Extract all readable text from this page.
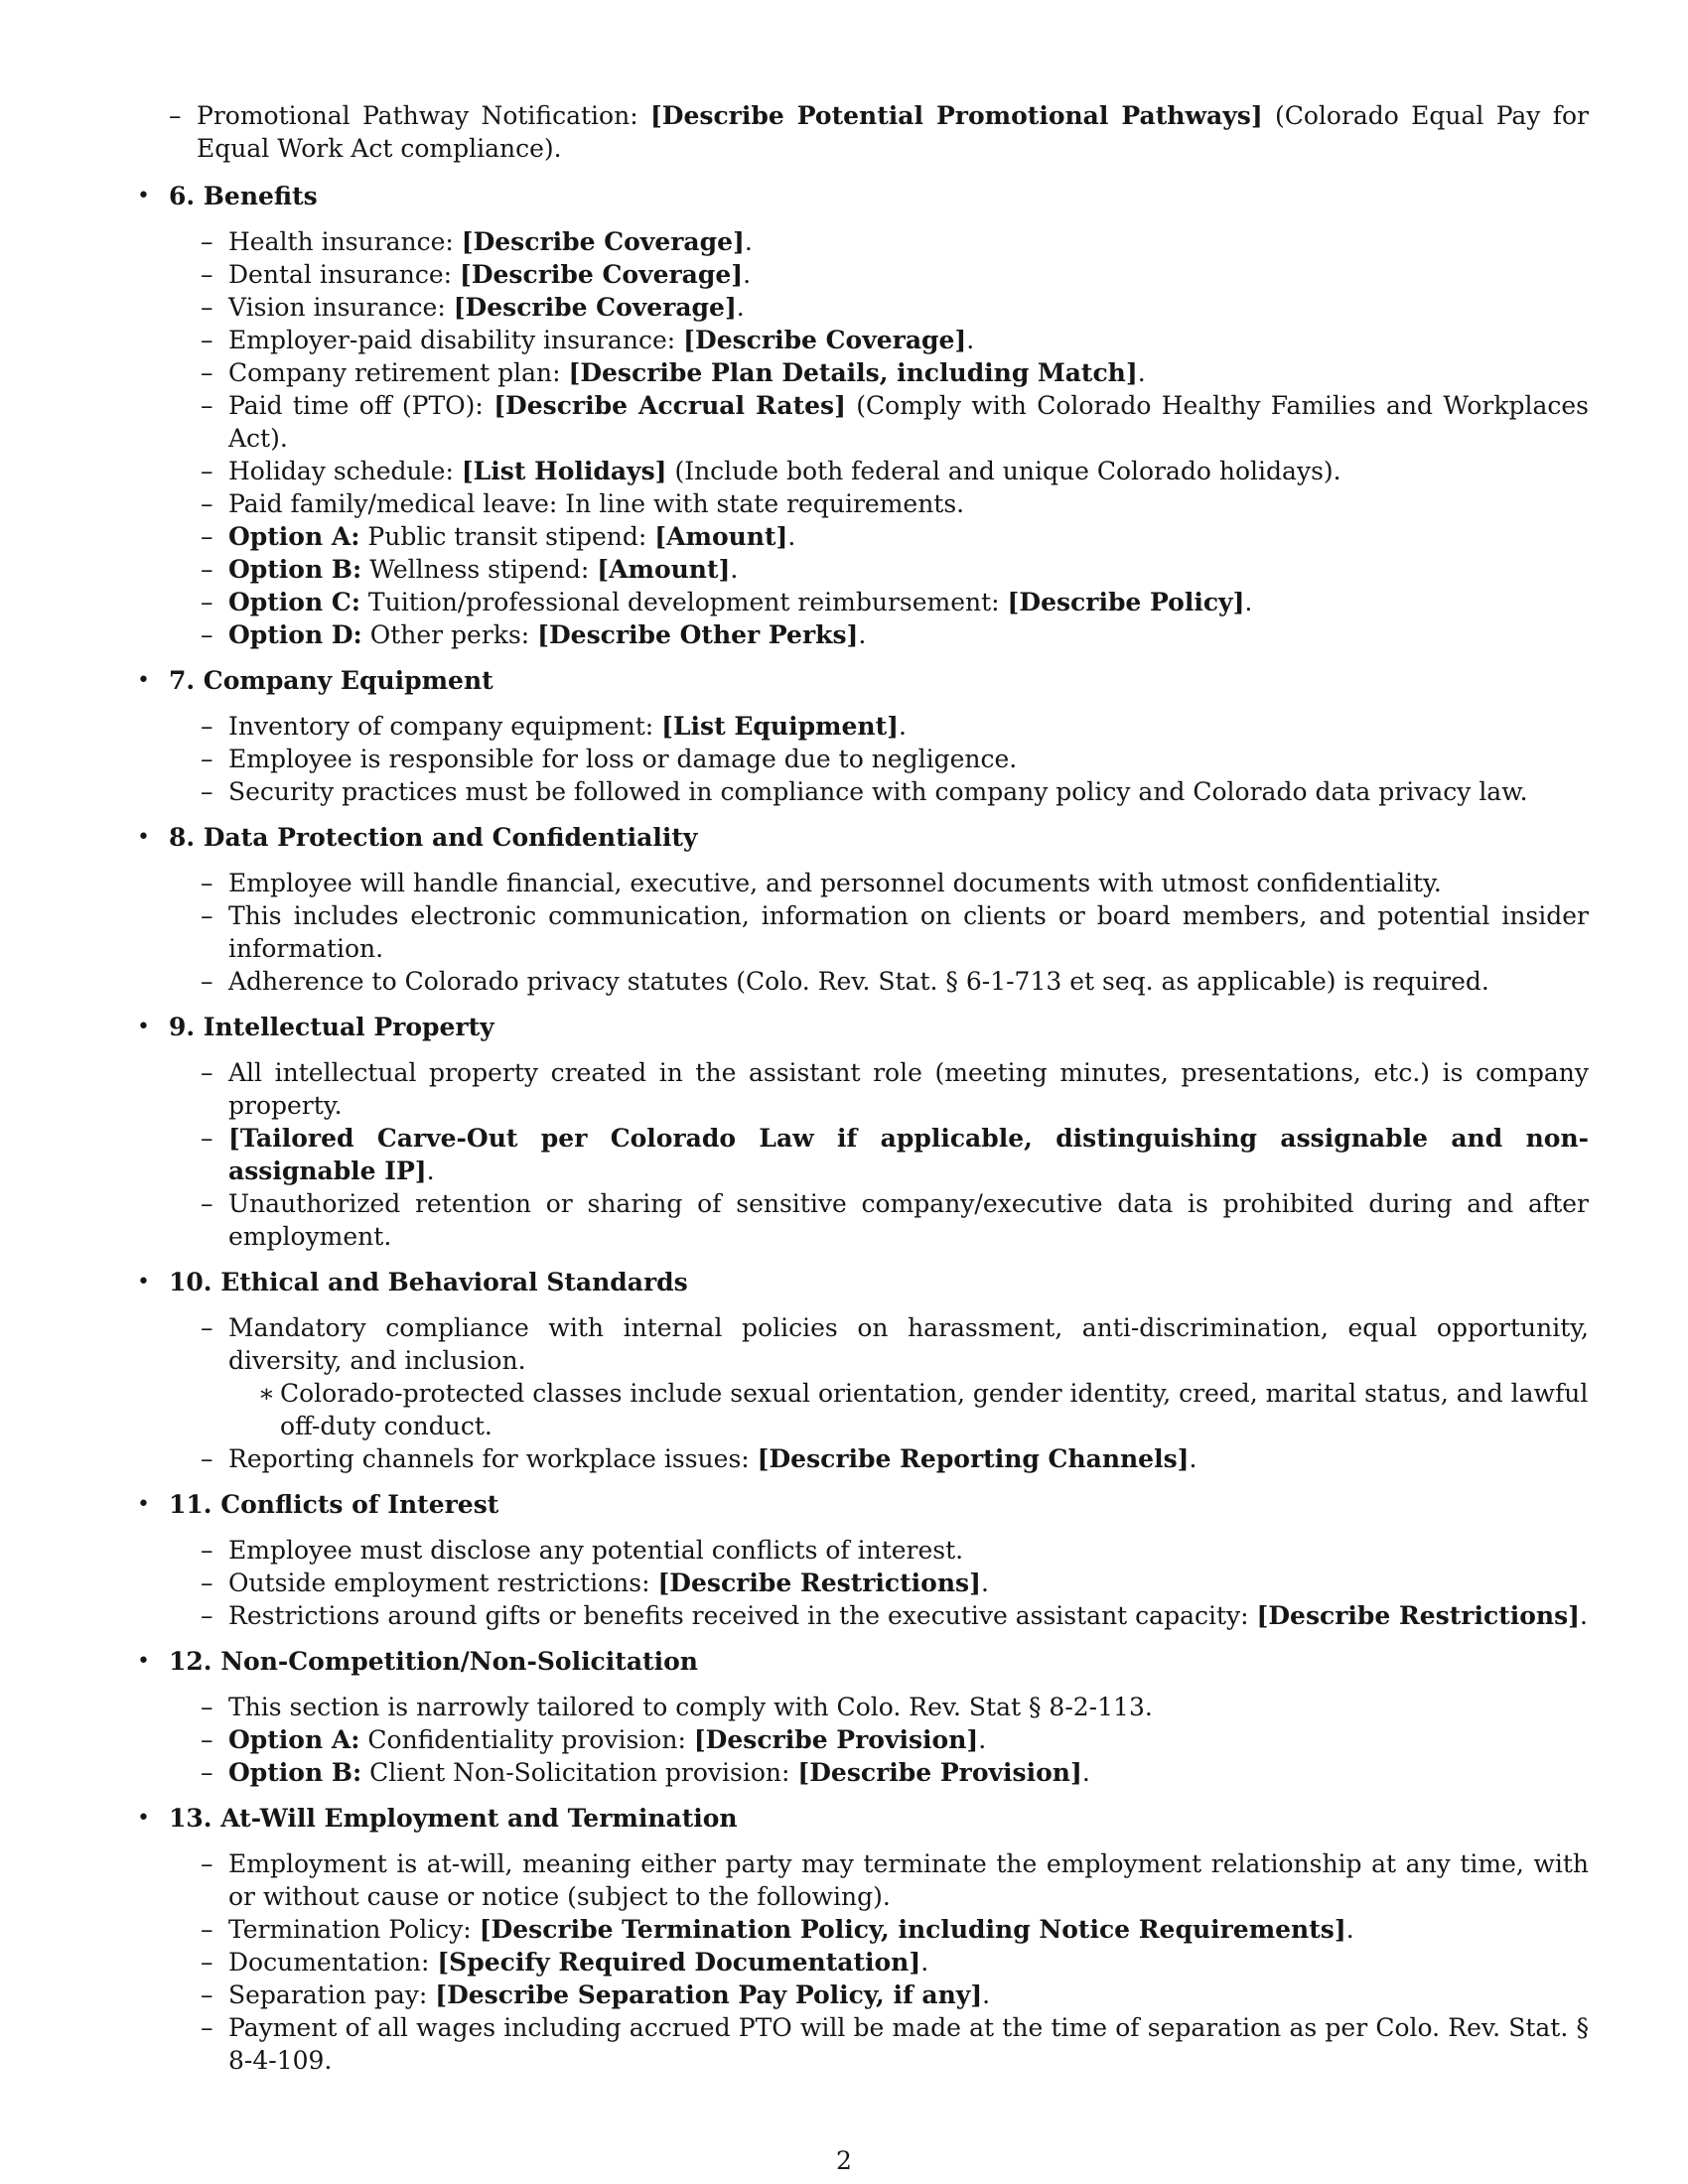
– Promotional Pathway Notification: [Describe Potential Promotional Pathways] (Colorado Equal Pay for Equal Work Act compliance).
• 6. Benefits
– Health insurance: [Describe Coverage].
– Dental insurance: [Describe Coverage].
– Vision insurance: [Describe Coverage].
– Employer-paid disability insurance: [Describe Coverage].
– Company retirement plan: [Describe Plan Details, including Match].
– Paid time off (PTO): [Describe Accrual Rates] (Comply with Colorado Healthy Families and Workplaces Act).
– Holiday schedule: [List Holidays] (Include both federal and unique Colorado holidays).
– Paid family/medical leave: In line with state requirements.
– Option A: Public transit stipend: [Amount].
– Option B: Wellness stipend: [Amount].
– Option C: Tuition/professional development reimbursement: [Describe Policy].
– Option D: Other perks: [Describe Other Perks].
• 7. Company Equipment
– Inventory of company equipment: [List Equipment].
– Employee is responsible for loss or damage due to negligence.
– Security practices must be followed in compliance with company policy and Colorado data privacy law.
• 8. Data Protection and Confidentiality
– Employee will handle financial, executive, and personnel documents with utmost confidentiality.
– This includes electronic communication, information on clients or board members, and potential insider information.
– Adherence to Colorado privacy statutes (Colo. Rev. Stat. § 6-1-713 et seq. as applicable) is required.
• 9. Intellectual Property
– All intellectual property created in the assistant role (meeting minutes, presentations, etc.) is company property.
– [Tailored Carve-Out per Colorado Law if applicable, distinguishing assignable and non-assignable IP].
– Unauthorized retention or sharing of sensitive company/executive data is prohibited during and after employment.
• 10. Ethical and Behavioral Standards
– Mandatory compliance with internal policies on harassment, anti-discrimination, equal opportunity, diversity, and inclusion.
∗ Colorado-protected classes include sexual orientation, gender identity, creed, marital status, and lawful off-duty conduct.
– Reporting channels for workplace issues: [Describe Reporting Channels].
• 11. Conflicts of Interest
– Employee must disclose any potential conflicts of interest.
– Outside employment restrictions: [Describe Restrictions].
– Restrictions around gifts or benefits received in the executive assistant capacity: [Describe Restrictions].
• 12. Non-Competition/Non-Solicitation
– This section is narrowly tailored to comply with Colo. Rev. Stat § 8-2-113.
– Option A: Confidentiality provision: [Describe Provision].
– Option B: Client Non-Solicitation provision: [Describe Provision].
• 13. At-Will Employment and Termination
– Employment is at-will, meaning either party may terminate the employment relationship at any time, with or without cause or notice (subject to the following).
– Termination Policy: [Describe Termination Policy, including Notice Requirements].
– Documentation: [Specify Required Documentation].
– Separation pay: [Describe Separation Pay Policy, if any].
– Payment of all wages including accrued PTO will be made at the time of separation as per Colo. Rev. Stat. § 8-4-109.
2
